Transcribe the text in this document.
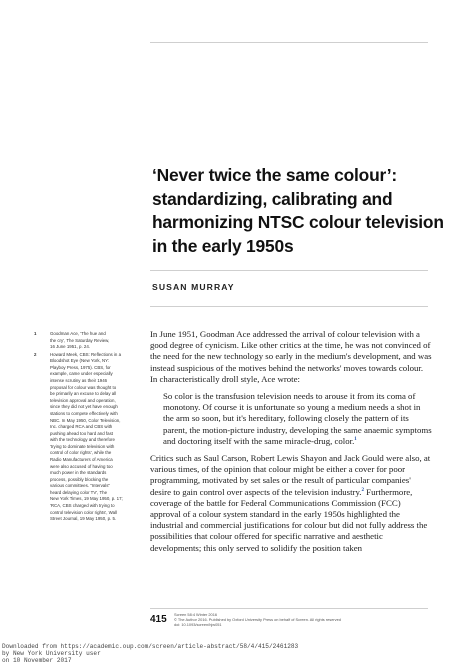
‘Never twice the same colour’:
standardizing, calibrating and
harmonizing NTSC colour television
in the early 1950s

SUSAN MURRAY

1	Goodman Ace, 'The hue and
the cry', The Saturday Review,
16 June 1951, p. 24.
2	Howard Meek, CBS: Reflections in a
Bloodshot Eye (New York, NY:
Playboy Press, 1975). CBS, for
example, came under especially
intense scrutiny as their 1946
proposal for colour was thought to
be primarily an excuse to delay all
television approval and operation,
since they did not yet have enough
stations to compete effectively with
NBC. In May 1950, Color Television,
Inc. charged RCA and CBS with
pushing ahead too hard and fast
with the technology and therefore
'trying to dominate television with
control of color rights', while the
Radio Manufacturers of America
were also accused of having too
much power in the standards
process, possibly blocking the
various committees. "Intervals"
heard delaying color TV', The
New York Times, 19 May 1950, p. 17;
'RCA, CBS charged with trying to
control television color rights', Wall
Street Journal, 19 May 1950, p. 5.

In June 1951, Goodman Ace addressed the arrival of colour television with a good degree of cynicism. Like other critics at the time, he was not convinced of the need for the new technology so early in the medium's development, and was instead suspicious of the motives behind the networks' moves towards colour. In characteristically droll style, Ace wrote:

So color is the transfusion television needs to arouse it from its coma of monotony. Of course it is unfortunate so young a medium needs a shot in the arm so soon, but it's hereditary, following closely the pattern of its parent, the motion-picture industry, developing the same anaemic symptoms and doctoring itself with the same miracle-drug, color.$^1$

Critics such as Saul Carson, Robert Lewis Shayon and Jack Gould were also, at various times, of the opinion that colour might be either a cover for poor programming, motivated by set sales or the result of particular companies' desire to gain control over aspects of the television industry.$^2$ Furthermore, coverage of the battle for Federal Communications Commission (FCC) approval of a colour system standard in the early 1950s highlighted the industrial and commercial justifications for colour but did not fully address the possibilities that colour offered for specific narrative and aesthetic developments; this only served to solidify the position taken

415 Screen 58:4 Winter 2016
© The Author 2016. Published by Oxford University Press on behalf of Screen. All rights reserved
doi: 10.1093/screen/hjw051
Downloaded from https://academic.oup.com/screen/article-abstract/58/4/415/2461283
by New York University user
on 10 November 2017
